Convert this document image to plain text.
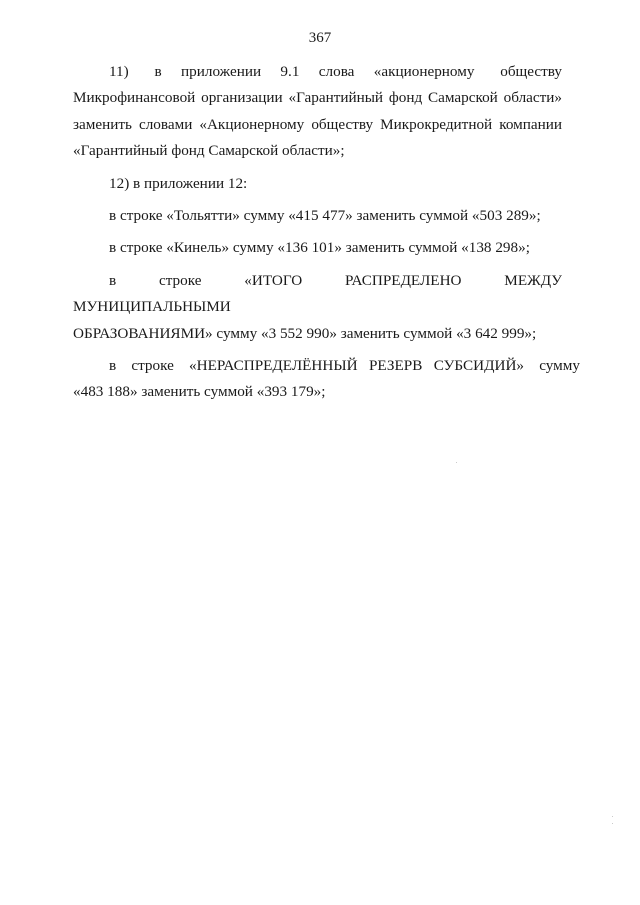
367
11)    в   приложении   9.1   слова   «акционерному    обществу
Микрофинансовой организации «Гарантийный фонд Самарской области»
заменить словами «Акционерному обществу Микрокредитной компании
«Гарантийный фонд Самарской области»;
12) в приложении 12:
в строке «Тольятти» сумму «415 477» заменить суммой «503 289»;
в строке «Кинель» сумму «136 101» заменить суммой «138 298»;
в строке «ИТОГО РАСПРЕДЕЛЕНО МЕЖДУ МУНИЦИПАЛЬНЫМИ
ОБРАЗОВАНИЯМИ» сумму «3 552 990» заменить суммой «3 642 999»;
в    строке    «НЕРАСПРЕДЕЛЁННЫЙ   РЕЗЕРВ   СУБСИДИЙ»    сумму
«483 188» заменить суммой «393 179»;
